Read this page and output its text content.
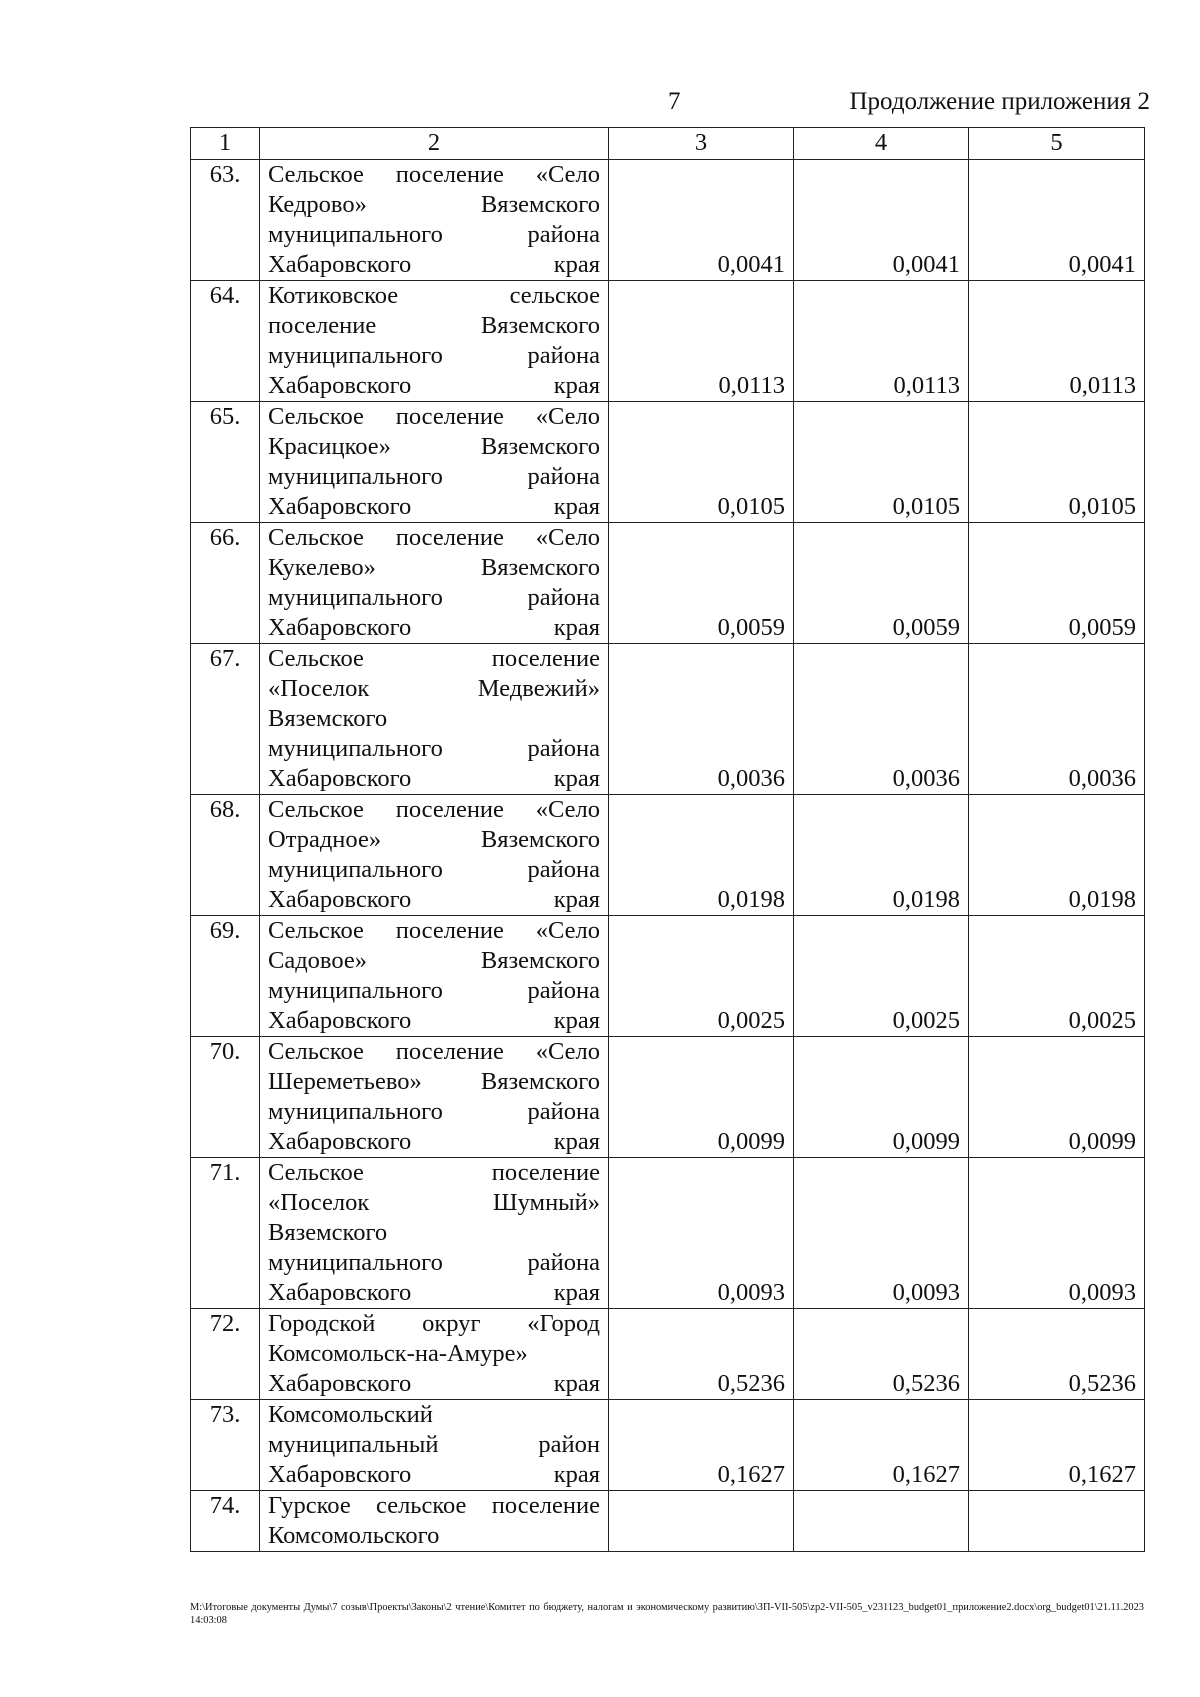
7	Продолжение приложения 2
1	2	3	4	5
63.	Сельское поселение «Село
Кедрово» Вяземского
муниципального района
Хабаровского края	0,0041	0,0041	0,0041
64.	Котиковское сельское
поселение Вяземского
муниципального района
Хабаровского края	0,0113	0,0113	0,0113
65.	Сельское поселение «Село
Красицкое» Вяземского
муниципального района
Хабаровского края	0,0105	0,0105	0,0105
66.	Сельское поселение «Село
Кукелево» Вяземского
муниципального района
Хабаровского края	0,0059	0,0059	0,0059
67.	Сельское поселение
«Поселок Медвежий»
Вяземского
муниципального района
Хабаровского края	0,0036	0,0036	0,0036
68.	Сельское поселение «Село
Отрадное» Вяземского
муниципального района
Хабаровского края	0,0198	0,0198	0,0198
69.	Сельское поселение «Село
Садовое» Вяземского
муниципального района
Хабаровского края	0,0025	0,0025	0,0025
70.	Сельское поселение «Село
Шереметьево» Вяземского
муниципального района
Хабаровского края	0,0099	0,0099	0,0099
71.	Сельское поселение
«Поселок Шумный»
Вяземского
муниципального района
Хабаровского края	0,0093	0,0093	0,0093
72.	Городской округ «Город
Комсомольск-на-Амуре»
Хабаровского края	0,5236	0,5236	0,5236
73.	Комсомольский
муниципальный район
Хабаровского края	0,1627	0,1627	0,1627
74.	Гурское сельское поселение
Комсомольского			

М:\Итоговые документы Думы\7 созыв\Проекты\Законы\2 чтение\Комитет по бюджету, налогам и экономическому развитию\ЗП-VII-505\zp2-VII-505_v231123_budget01_приложение2.docx\org_budget01\21.11.2023 14:03:08
